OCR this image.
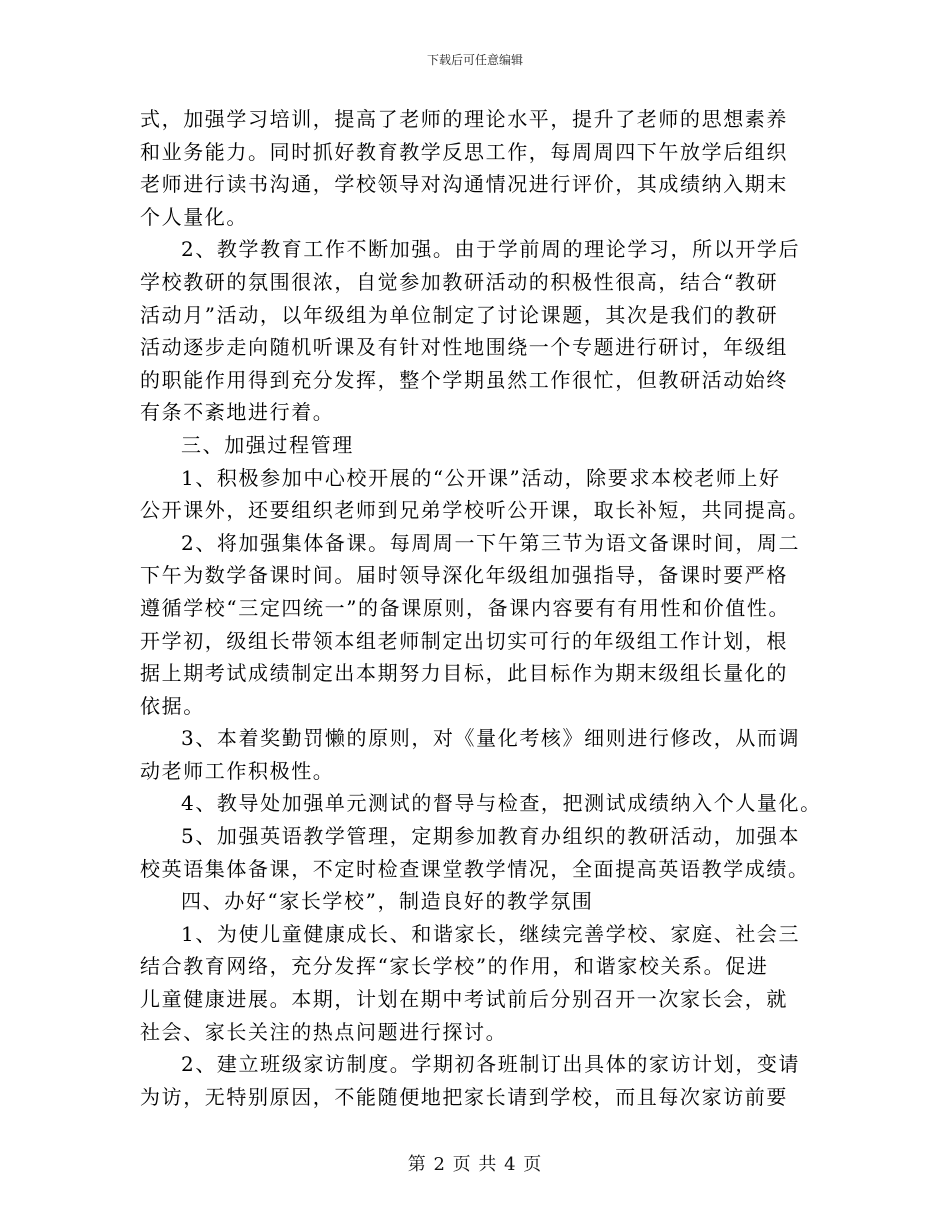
下载后可任意编辑
式，加强学习培训，提高了老师的理论水平，提升了老师的思想素养
和业务能力。同时抓好教育教学反思工作，每周周四下午放学后组织
老师进行读书沟通，学校领导对沟通情况进行评价，其成绩纳入期末
个人量化。
2、教学教育工作不断加强。由于学前周的理论学习，所以开学后
学校教研的氛围很浓，自觉参加教研活动的积极性很高，结合“教研
活动月”活动，以年级组为单位制定了讨论课题，其次是我们的教研
活动逐步走向随机听课及有针对性地围绕一个专题进行研讨，年级组
的职能作用得到充分发挥，整个学期虽然工作很忙，但教研活动始终
有条不紊地进行着。
三、加强过程管理
1、积极参加中心校开展的“公开课”活动，除要求本校老师上好
公开课外，还要组织老师到兄弟学校听公开课，取长补短，共同提高。
2、将加强集体备课。每周周一下午第三节为语文备课时间，周二
下午为数学备课时间。届时领导深化年级组加强指导，备课时要严格
遵循学校“三定四统一”的备课原则，备课内容要有有用性和价值性。
开学初，级组长带领本组老师制定出切实可行的年级组工作计划，根
据上期考试成绩制定出本期努力目标，此目标作为期末级组长量化的
依据。
3、本着奖勤罚懒的原则，对《量化考核》细则进行修改，从而调
动老师工作积极性。
4、教导处加强单元测试的督导与检查，把测试成绩纳入个人量化。
5、加强英语教学管理，定期参加教育办组织的教研活动，加强本
校英语集体备课，不定时检查课堂教学情况，全面提高英语教学成绩。
四、办好“家长学校”，制造良好的教学氛围
1、为使儿童健康成长、和谐家长，继续完善学校、家庭、社会三
结合教育网络，充分发挥“家长学校”的作用，和谐家校关系。促进
儿童健康进展。本期，计划在期中考试前后分别召开一次家长会，就
社会、家长关注的热点问题进行探讨。
2、建立班级家访制度。学期初各班制订出具体的家访计划，变请
为访，无特别原因，不能随便地把家长请到学校，而且每次家访前要
第 2 页 共 4 页
